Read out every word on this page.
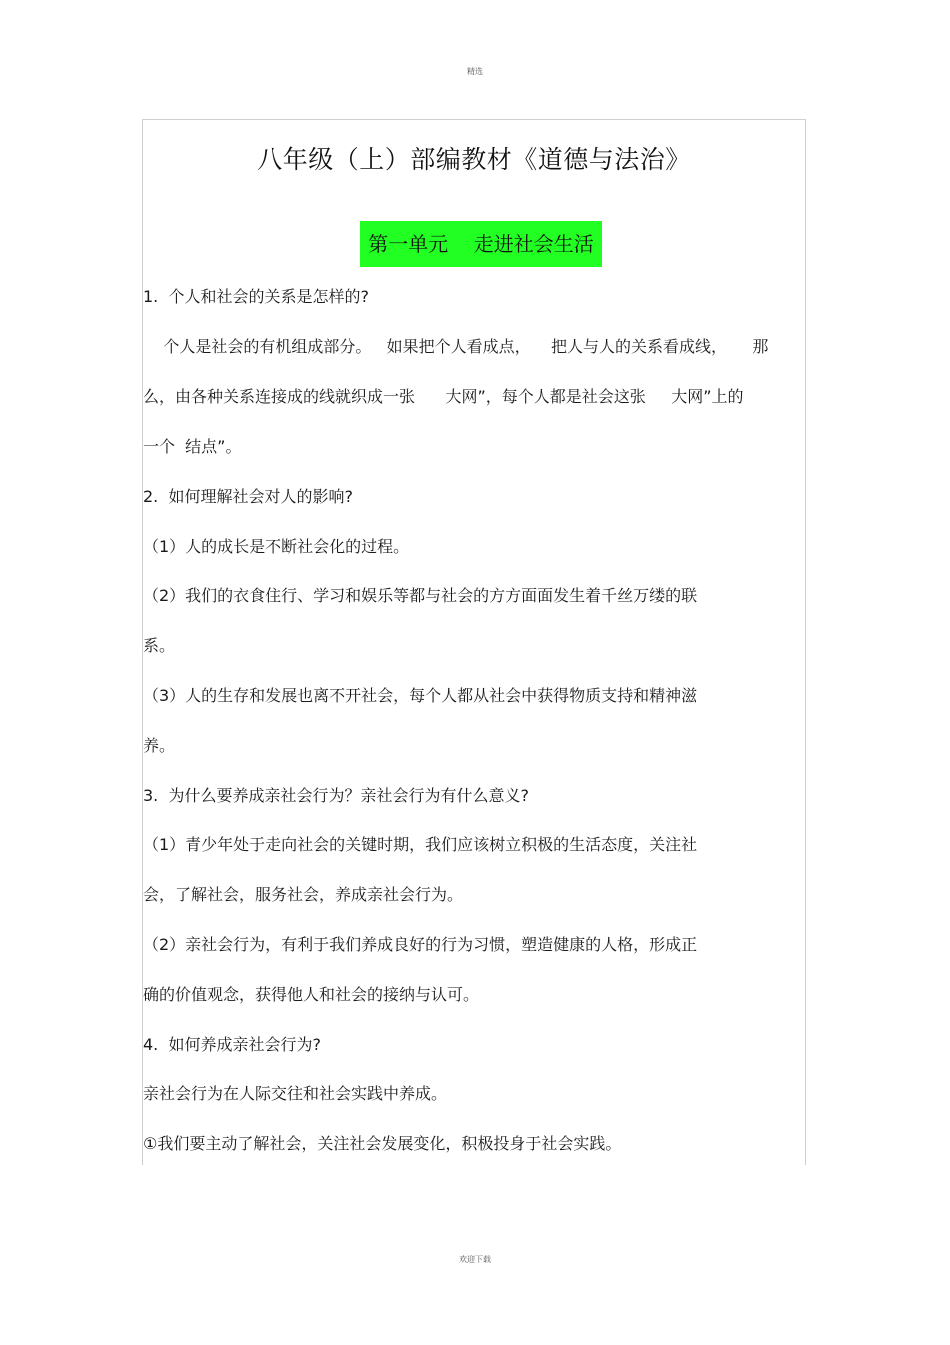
精选
八年级（上）部编教材《道德与法治》
第一单元    走进社会生活
1.  个人和社会的关系是怎样的?
个人是社会的有机组成部分。   如果把个人看成点，    把人与人的关系看成线，     那
么，由各种关系连接成的线就织成一张      大网”，每个人都是社会这张     大网”上的
一个  结点”。
2.  如何理解社会对人的影响?
（1）人的成长是不断社会化的过程。
（2）我们的衣食住行、学习和娱乐等都与社会的方方面面发生着千丝万缕的联
系。
（3）人的生存和发展也离不开社会，每个人都从社会中获得物质支持和精神滋
养。
3.  为什么要养成亲社会行为？亲社会行为有什么意义?
（1）青少年处于走向社会的关键时期，我们应该树立积极的生活态度，关注社
会，了解社会，服务社会，养成亲社会行为。
（2）亲社会行为，有利于我们养成良好的行为习惯，塑造健康的人格，形成正
确的价值观念，获得他人和社会的接纳与认可。
4.  如何养成亲社会行为?
亲社会行为在人际交往和社会实践中养成。
①我们要主动了解社会，关注社会发展变化，积极投身于社会实践。
欢迎下载
